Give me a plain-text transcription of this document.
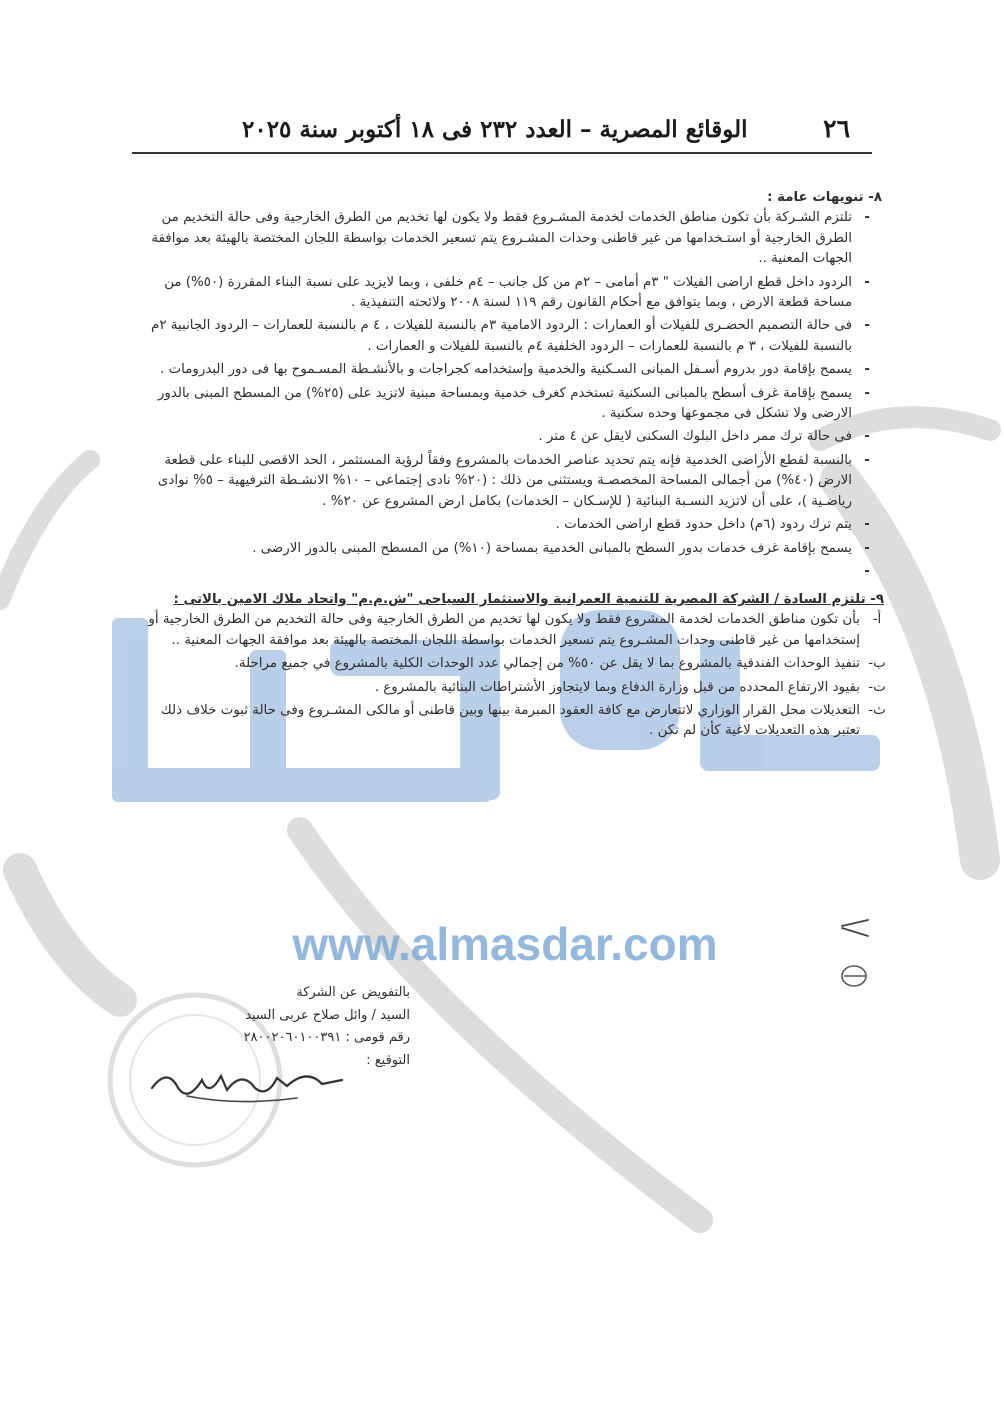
www.almasdar.com
٢٦
الوقائع المصرية – العدد ٢٣٢ فى ١٨ أكتوبر سنة ٢٠٢٥

٨- تنويهات عامة :

-

تلتزم الشـركة بأن تكون مناطق الخدمات لخدمة المشـروع فقط ولا يكون لها تخديم من الطرق الخارجية وفى حالة التخديم من الطرق الخارجية أو استـخدامها من غير قاطنى وحدات المشـروع يتم تسعير الخدمات بواسطة اللجان المختصة بالهيئة بعد موافقة الجهات المعنية ..

-

الردود داخل قطع اراضى الفيلات " ٣م أمامى – ٢م من كل جانب – ٤م خلفى ، وبما لايزيد على نسبة البناء المقررة (٥٠%) من مساحة قطعة الارض ، وبما يتوافق مع أحكام القانون رقم ١١٩ لسنة ٢٠٠٨ ولائحته التنفيذية .

-

فى حالة التصميم الحضـرى للفيلات أو العمارات : الردود الامامية ٣م بالنسبة للفيلات ، ٤ م بالنسبة للعمارات – الردود الجانبية ٢م بالنسبة للفيلات ، ٣ م بالنسبة للعمارات – الردود الخلفية ٤م بالنسبة للفيلات و العمارات .

-

يسمح بإقامة دور بدروم أسـفل المبانى السـكنية والخدمية وإستخدامه كجراجات و بالأنشـطة المسـموح بها فى دور البدرومات .

-

يسمح بإقامة غرف أسطح بالمبانى السكنية تستخدم كغرف خدمية وبمساحة مبنية لاتزيد على (٢٥%) من المسطح المبنى بالدور الارضى ولا تشكل فى مجموعها وحده سكنية .

-

فى حالة ترك ممر داخل البلوك السكنى لايقل عن ٤ متر .

-

بالنسبة لقطع الأراضى الخدمية فإنه يتم تحديد عناصر الخدمات بالمشروع وفقاً لرؤية المستثمر ، الحد الاقصى للبناء على قطعة الارض (٤٠%) من أجمالى المساحة المخصصـة ويستثنى من ذلك : (٢٠% نادى إجتماعى – ١٠% الانشـطة الترفيهية – ٥% نوادى رياضـية )، على أن لاتزيد النسـبة البنائية ( للإسـكان – الخدمات) بكامل ارض المشروع عن ٢٠% .

-

يتم ترك ردود (٦م) داخل حدود قطع اراضى الخدمات .

-

يسمح بإقامة غرف خدمات بدور السطح بالمبانى الخدمية بمساحة (١٠%) من المسطح المبنى بالدور الارضى .

-

٩- تلتزم السادة / الشركة المصرية للتنمية العمرانية والاستثمار السياحى "ش.م.م" واتحاد ملاك الامين بالاتى :

أ-

بأن تكون مناطق الخدمات لخدمة المشروع فقط ولا يكون لها تخديم من الطرق الخارجية وفى حالة التخديم من الطرق الخارجية أو إستخدامها من غير قاطنى وحدات المشـروع يتم تسعير الخدمات بواسطة اللجان المختصة بالهيئة بعد موافقة الجهات المعنية ..

ب-

تنفيذ الوحدات الفندقية بالمشروع بما لا يقل عن ٥٠% من إجمالي عدد الوحدات الكلية بالمشروع في جميع مراحلة.

ت-

بقيود الارتفاع المحدده من قبل وزارة الدفاع وبما لايتجاوز الأشتراطات البنائية بالمشروع .

ث-

التعديلات محل القرار الوزاري لاتتعارض مع كافة العقود المبرمة بينها وبين قاطنى أو مالكى المشـروع وفى حالة ثبوت خلاف ذلك تعتبر هذه التعديلات لاغية كأن لم تكن .

بالتفويض عن الشركة
السيد / وائل صلاح عربى السيد
رقم قومى : ٢٨٠٠٢٠٦٠١٠٠٣٩١
التوقيع :
